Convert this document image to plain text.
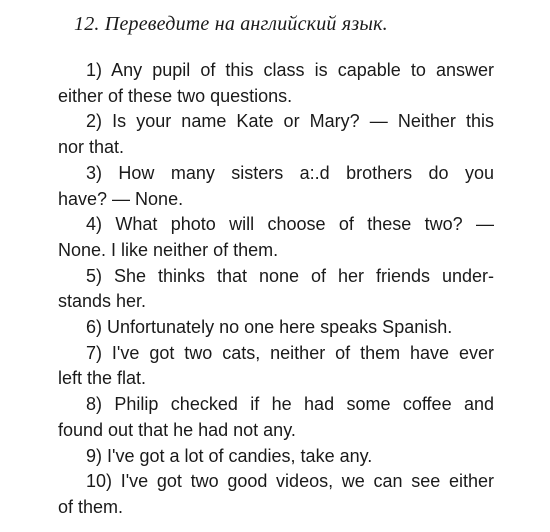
12. Переведите на английский язык.
1) Any pupil of this class is capable to answer
either of these two questions.
2) Is your name Kate or Mary? — Neither this
nor that.
3) How many sisters a:.d brothers do you
have? — None.
4) What photo will choose of these two? —
None. I like neither of them.
5) She thinks that none of her friends under-
stands her.
6) Unfortunately no one here speaks Spanish.
7) I've got two cats, neither of them have ever
left the flat.
8) Philip checked if he had some coffee and
found out that he had not any.
9) I've got a lot of candies, take any.
10) I've got two good videos, we can see either
of them.
